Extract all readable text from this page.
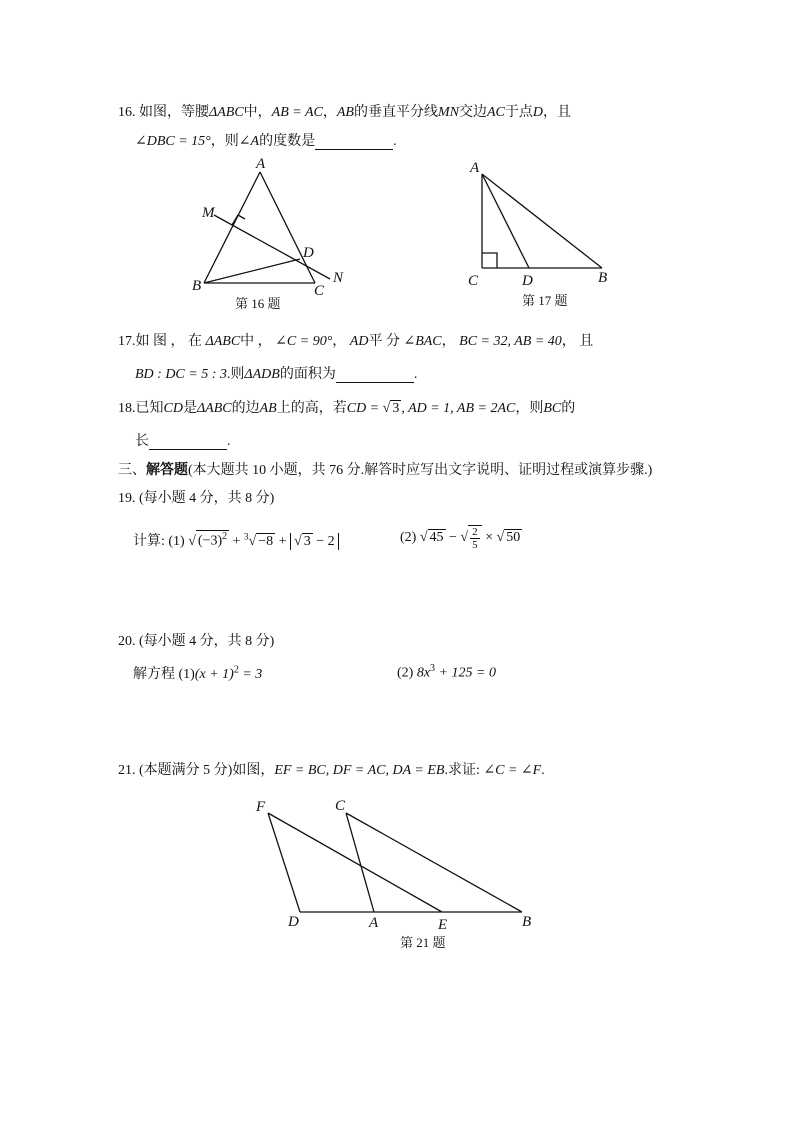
16. 如图，等腰ΔABC中，AB = AC，AB的垂直平分线MN交边AC于点D，且
∠DBC = 15°，则∠A的度数是	.
A
M
D
N
B	C
第 16 题
A
C	D	B
第 17 题
17.如 图 ， 在 ΔABC中 ， ∠C = 90°， AD平 分 ∠BAC， BC = 32, AB = 40， 且
BD : DC = 5 : 3.则ΔADB的面积为	.
18.已知CD是ΔABC的边AB上的高，若CD = √ 3 , AD = 1, AB = 2AC，则BC的
长	.
三、解答题(本大题共 10 小题，共 76 分.解答时应写出文字说明、证明过程或演算步骤.)
19. (每小题 4 分，共 8 分)
计算: (1) √ $(-3)^2 + ^3√ -8$ + √ 3 − 2	(2) √ 45 − √ $\frac{2}{5}$ × √ 50
20. (每小题 4 分，共 8 分)
解方程 $(1)(x + 1)^2 = 3$	(2) $8x^3 + 125 = 0$
21. (本题满分 5 分)如图，EF = BC, DF = AC, DA = EB.求证: ∠C = ∠F.
F	C
D	A	E	B
第 21 题
